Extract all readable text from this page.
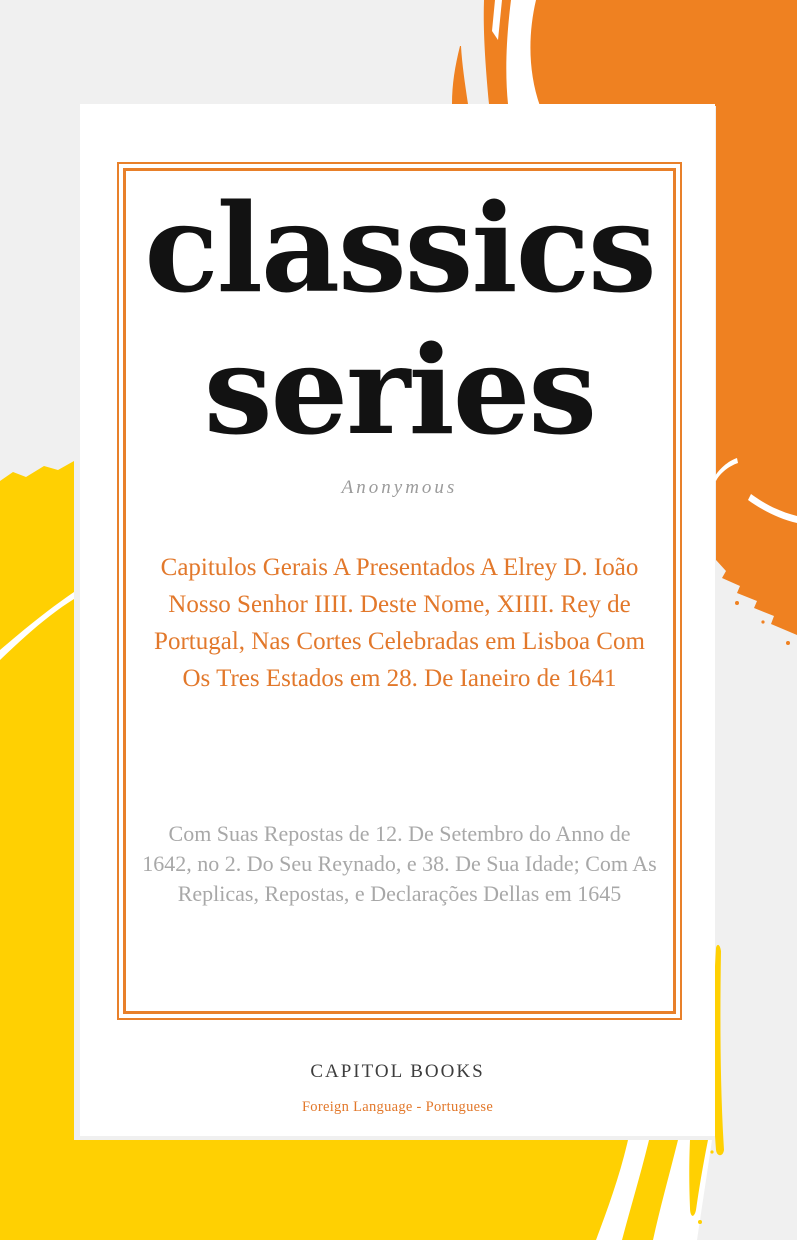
classics
series
Anonymous
Capitulos Gerais A Presentados A Elrey D. Ioão
Nosso Senhor IIII. Deste Nome, XIIII. Rey de
Portugal, Nas Cortes Celebradas em Lisboa Com
Os Tres Estados em 28. De Ianeiro de 1641
Com Suas Repostas de 12. De Setembro do Anno de
1642, no 2. Do Seu Reynado, e 38. De Sua Idade; Com As
Replicas, Repostas, e Declarações Dellas em 1645
CAPITOL BOOKS
Foreign Language - Portuguese
